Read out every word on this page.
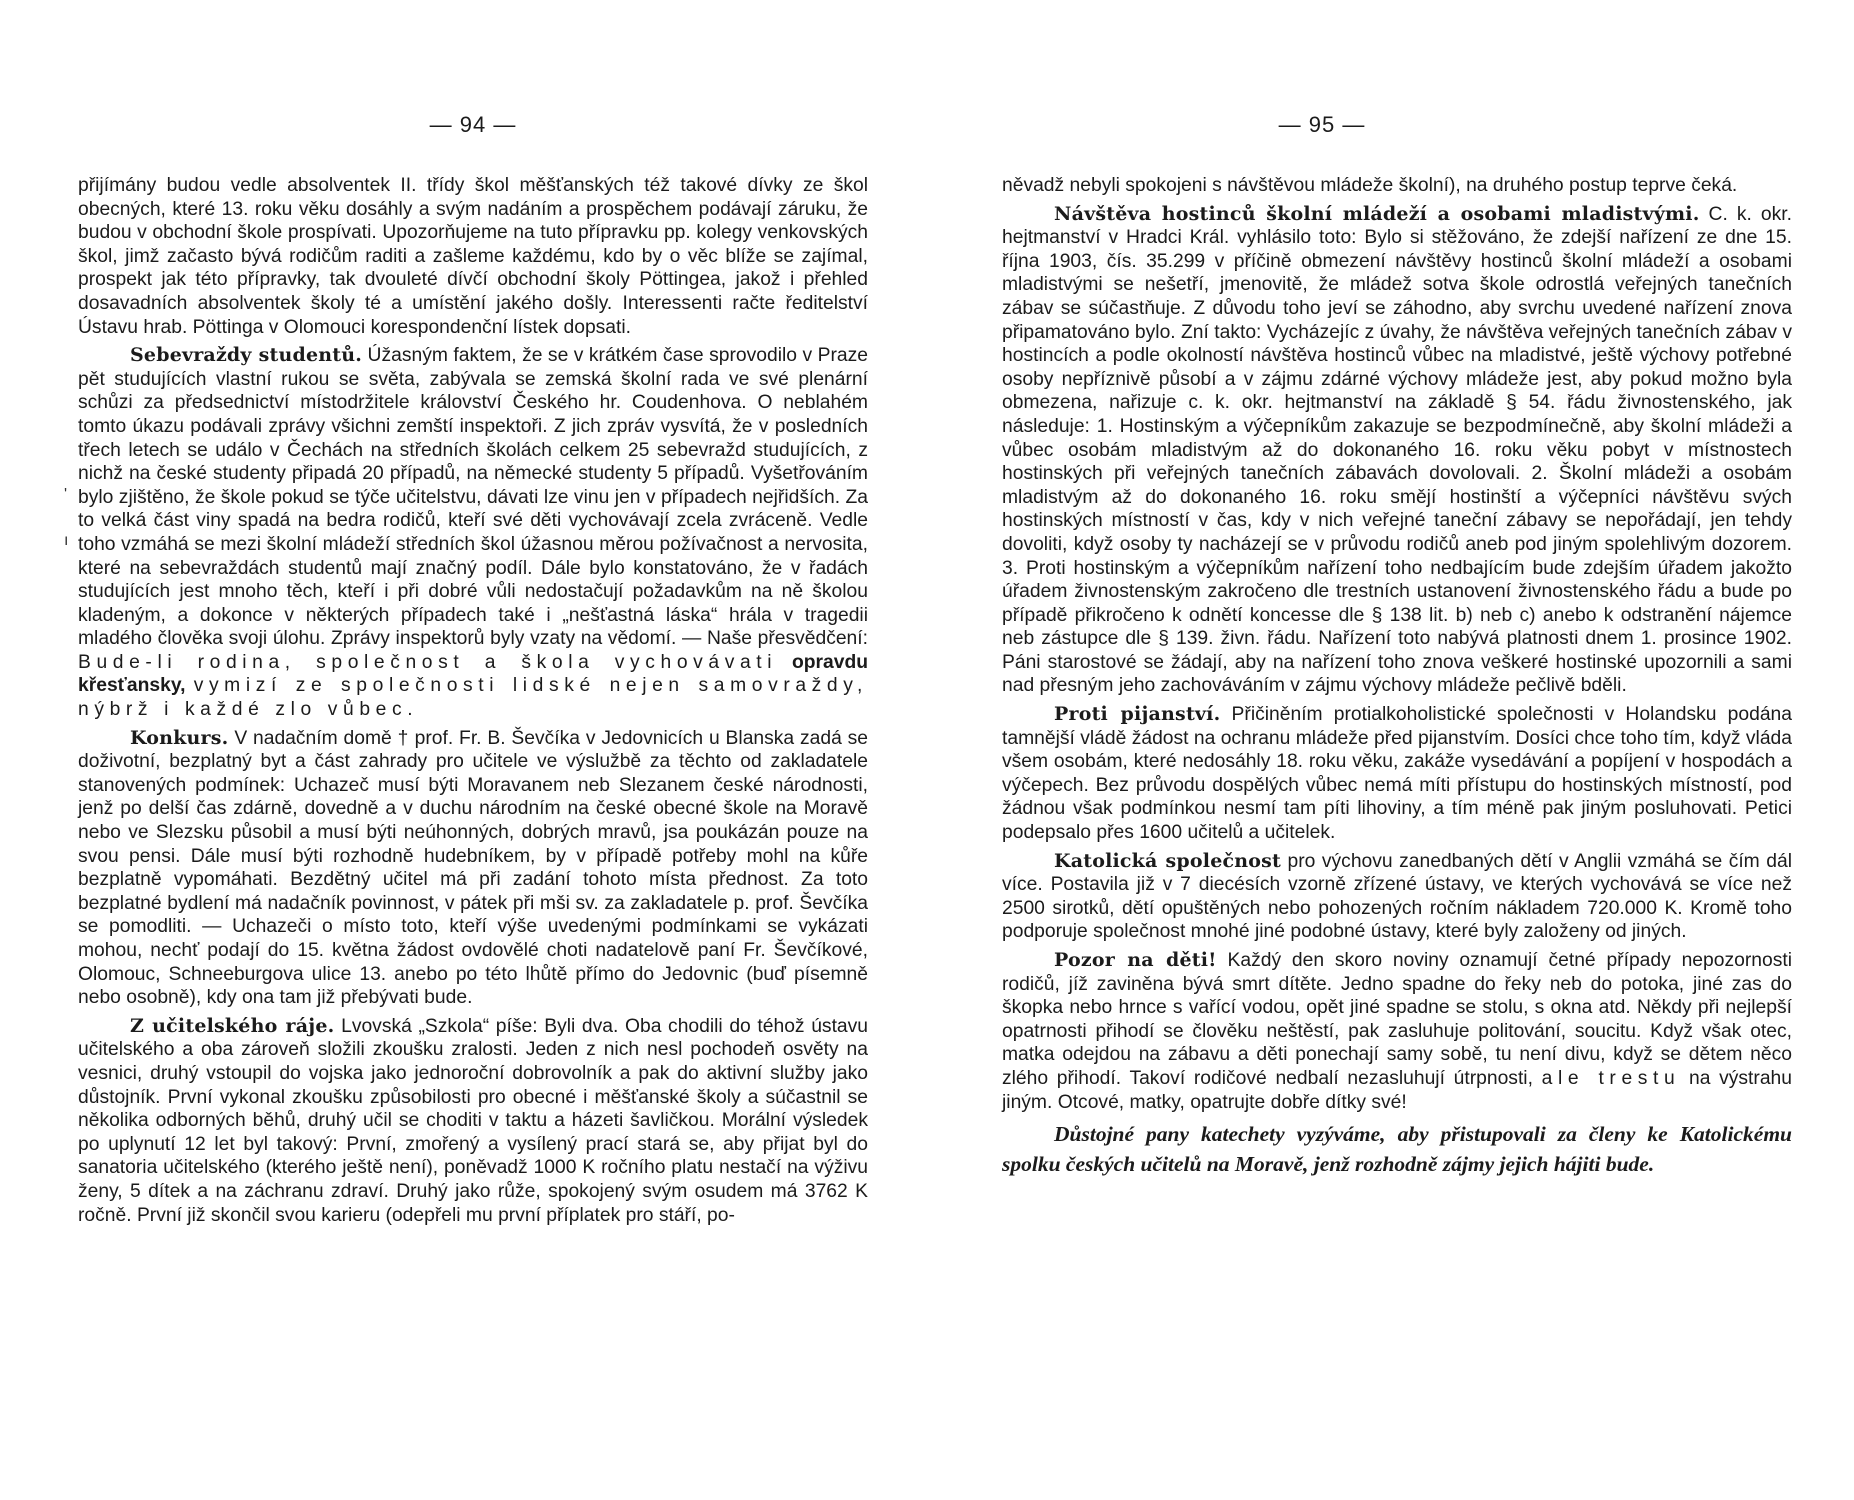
— 94 —

přijímány budou vedle absolventek II. třídy škol měšťanských též takové dívky ze škol obecných, které 13. roku věku dosáhly a svým nadáním a prospěchem podávají záruku, že budou v obchodní škole prospívati. Upozorňujeme na tuto přípravku pp. kolegy venkovských škol, jimž začasto bývá rodičům raditi a zašleme každému, kdo by o věc blíže se zajímal, prospekt jak této přípravky, tak dvouleté dívčí obchodní školy Pöttingea, jakož i přehled dosavadních absolventek školy té a umístění jakého došly. Interessenti račte ředitelství Ústavu hrab. Pöttinga v Olomouci korespondenční lístek dopsati.

Sebevraždy studentů. Úžasným faktem, že se v krátkém čase sprovodilo v Praze pět studujících vlastní rukou se světa, zabývala se zemská školní rada ve své plenární schůzi za předsednictví místodržitele království Českého hr. Coudenhova. O neblahém tomto úkazu podávali zprávy všichni zemští inspektoři. Z jich zpráv vysvítá, že v posledních třech letech se událo v Čechách na středních školách celkem 25 sebevražd studujících, z nichž na české studenty připadá 20 případů, na německé studenty 5 případů. Vyšetřováním bylo zjištěno, že škole pokud se týče učitelstvu, dávati lze vinu jen v případech nejřidších. Za to velká část viny spadá na bedra rodičů, kteří své děti vychovávají zcela zvráceně. Vedle toho vzmáhá se mezi školní mládeží středních škol úžasnou měrou požívačnost a nervosita, které na sebevraždách studentů mají značný podíl. Dále bylo konstatováno, že v řadách studujících jest mnoho těch, kteří i při dobré vůli nedostačují požadavkům na ně školou kladeným, a dokonce v některých případech také i „nešťastná láska“ hrála v tragedii mladého člověka svoji úlohu. Zprávy inspektorů byly vzaty na vědomí. — Naše přesvědčení: Bude-li rodina, společnost a škola vychovávati opravdu křesťansky, vymizí ze společnosti lidské nejen samovraždy, nýbrž i každé zlo vůbec.

Konkurs. V nadačním domě † prof. Fr. B. Ševčíka v Jedovnicích u Blanska zadá se doživotní, bezplatný byt a část zahrady pro učitele ve výslužbě za těchto od zakladatele stanovených podmínek: Uchazeč musí býti Moravanem neb Slezanem české národnosti, jenž po delší čas zdárně, dovedně a v duchu národním na české obecné škole na Moravě nebo ve Slezsku působil a musí býti neúhonných, dobrých mravů, jsa poukázán pouze na svou pensi. Dále musí býti rozhodně hudebníkem, by v případě potřeby mohl na kůře bezplatně vypomáhati. Bezdětný učitel má při zadání tohoto místa přednost. Za toto bezplatné bydlení má nadačník povinnost, v pátek při mši sv. za zakladatele p. prof. Ševčíka se pomodliti. — Uchazeči o místo toto, kteří výše uvedenými podmínkami se vykázati mohou, nechť podají do 15. května žádost ovdovělé choti nadatelově paní Fr. Ševčíkové, Olomouc, Schneeburgova ulice 13. anebo po této lhůtě přímo do Jedovnic (buď písemně nebo osobně), kdy ona tam již přebývati bude.

Z učitelského ráje. Lvovská „Szkola“ píše: Byli dva. Oba chodili do téhož ústavu učitelského a oba zároveň složili zkoušku zralosti. Jeden z nich nesl pochodeň osvěty na vesnici, druhý vstoupil do vojska jako jednoroční dobrovolník a pak do aktivní služby jako důstojník. První vykonal zkoušku způsobilosti pro obecné i měšťanské školy a súčastnil se několika odborných běhů, druhý učil se choditi v taktu a házeti šavličkou. Morální výsledek po uplynutí 12 let byl takový: První, zmořený a vysílený prací stará se, aby přijat byl do sanatoria učitelského (kterého ještě není), poněvadž 1000 K ročního platu nestačí na výživu ženy, 5 dítek a na záchranu zdraví. Druhý jako růže, spokojený svým osudem má 3762 K ročně. První již skončil svou karieru (odepřeli mu první příplatek pro stáří, po-

'
ı
— 95 —

něvadž nebyli spokojeni s návštěvou mládeže školní), na druhého postup teprve čeká.

Návštěva hostinců školní mládeží a osobami mladistvými. C. k. okr. hejtmanství v Hradci Král. vyhlásilo toto: Bylo si stěžováno, že zdejší nařízení ze dne 15. října 1903, čís. 35.299 v příčině obmezení návštěvy hostinců školní mládeží a osobami mladistvými se nešetří, jmenovitě, že mládež sotva škole odrostlá veřejných tanečních zábav se súčastňuje. Z důvodu toho jeví se záhodno, aby svrchu uvedené nařízení znova připamatováno bylo. Zní takto: Vycházejíc z úvahy, že návštěva veřejných tanečních zábav v hostincích a podle okolností návštěva hostinců vůbec na mladistvé, ještě výchovy potřebné osoby nepříznivě působí a v zájmu zdárné výchovy mládeže jest, aby pokud možno byla obmezena, nařizuje c. k. okr. hejtmanství na základě § 54. řádu živnostenského, jak následuje: 1. Hostinským a výčepníkům zakazuje se bezpodmínečně, aby školní mládeži a vůbec osobám mladistvým až do dokonaného 16. roku věku pobyt v místnostech hostinských při veřejných tanečních zábavách dovolovali. 2. Školní mládeži a osobám mladistvým až do dokonaného 16. roku smějí hostinští a výčepníci návštěvu svých hostinských místností v čas, kdy v nich veřejné taneční zábavy se nepořádají, jen tehdy dovoliti, když osoby ty nacházejí se v průvodu rodičů aneb pod jiným spolehlivým dozorem. 3. Proti hostinským a výčepníkům nařízení toho nedbajícím bude zdejším úřadem jakožto úřadem živnostenským zakročeno dle trestních ustanovení živnostenského řádu a bude po případě přikročeno k odnětí koncesse dle § 138 lit. b) neb c) anebo k odstranění nájemce neb zástupce dle § 139. živn. řádu. Nařízení toto nabývá platnosti dnem 1. prosince 1902. Páni starostové se žádají, aby na nařízení toho znova veškeré hostinské upozornili a sami nad přesným jeho zachováváním v zájmu výchovy mládeže pečlivě bděli.

Proti pijanství. Přičiněním protialkoholistické společnosti v Holandsku podána tamnější vládě žádost na ochranu mládeže před pijanstvím. Dosíci chce toho tím, když vláda všem osobám, které nedosáhly 18. roku věku, zakáže vysedávání a popíjení v hospodách a výčepech. Bez průvodu dospělých vůbec nemá míti přístupu do hostinských místností, pod žádnou však podmínkou nesmí tam píti lihoviny, a tím méně pak jiným posluhovati. Petici podepsalo přes 1600 učitelů a učitelek.

Katolická společnost pro výchovu zanedbaných dětí v Anglii vzmáhá se čím dál více. Postavila již v 7 diecésích vzorně zřízené ústavy, ve kterých vychovává se více než 2500 sirotků, dětí opuštěných nebo pohozených ročním nákladem 720.000 K. Kromě toho podporuje společnost mnohé jiné podobné ústavy, které byly založeny od jiných.

Pozor na děti! Každý den skoro noviny oznamují četné případy nepozornosti rodičů, jíž zaviněna bývá smrt dítěte. Jedno spadne do řeky neb do potoka, jiné zas do škopka nebo hrnce s vařící vodou, opět jiné spadne se stolu, s okna atd. Někdy při nejlepší opatrnosti přihodí se člověku neštěstí, pak zasluhuje politování, soucitu. Když však otec, matka odejdou na zábavu a děti ponechají samy sobě, tu není divu, když se dětem něco zlého přihodí. Takoví rodičové nedbalí nezasluhují útrpnosti, ale trestu na výstrahu jiným. Otcové, matky, opatrujte dobře dítky své!

Důstojné pany katechety vyzýváme, aby přistupovali za členy ke Katolickému spolku českých učitelů na Moravě, jenž rozhodně zájmy jejich hájiti bude.
